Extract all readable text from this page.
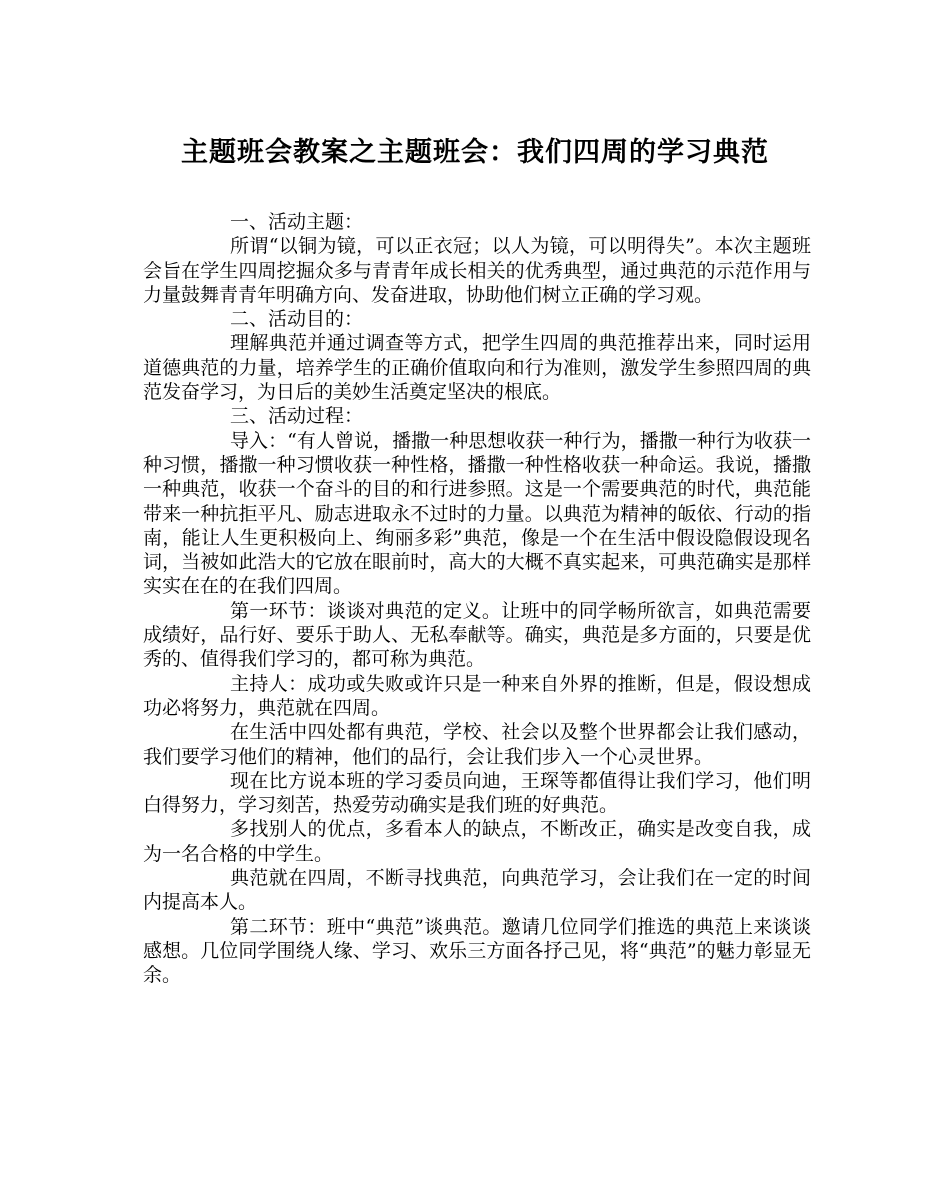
主题班会教案之主题班会：我们四周的学习典范

一、活动主题：

所谓“以铜为镜，可以正衣冠；以人为镜，可以明得失”。本次主题班会旨在学生四周挖掘众多与青青年成长相关的优秀典型，通过典范的示范作用与力量鼓舞青青年明确方向、发奋进取，协助他们树立正确的学习观。

二、活动目的：

理解典范并通过调查等方式，把学生四周的典范推荐出来，同时运用道德典范的力量，培养学生的正确价值取向和行为准则，激发学生参照四周的典范发奋学习，为日后的美妙生活奠定坚决的根底。

三、活动过程：

导入：“有人曾说，播撒一种思想收获一种行为，播撒一种行为收获一种习惯，播撒一种习惯收获一种性格，播撒一种性格收获一种命运。我说，播撒一种典范，收获一个奋斗的目的和行进参照。这是一个需要典范的时代，典范能带来一种抗拒平凡、励志进取永不过时的力量。以典范为精神的皈依、行动的指南，能让人生更积极向上、绚丽多彩”典范，像是一个在生活中假设隐假设现名词，当被如此浩大的它放在眼前时，高大的大概不真实起来，可典范确实是那样实实在在的在我们四周。

第一环节：谈谈对典范的定义。让班中的同学畅所欲言，如典范需要成绩好，品行好、要乐于助人、无私奉献等。确实，典范是多方面的，只要是优秀的、值得我们学习的，都可称为典范。

主持人：成功或失败或许只是一种来自外界的推断，但是，假设想成功必将努力，典范就在四周。

在生活中四处都有典范，学校、社会以及整个世界都会让我们感动，我们要学习他们的精神，他们的品行，会让我们步入一个心灵世界。

现在比方说本班的学习委员向迪，王琛等都值得让我们学习，他们明白得努力，学习刻苦，热爱劳动确实是我们班的好典范。

多找别人的优点，多看本人的缺点，不断改正，确实是改变自我，成为一名合格的中学生。

典范就在四周，不断寻找典范，向典范学习，会让我们在一定的时间内提高本人。

第二环节：班中“典范”谈典范。邀请几位同学们推选的典范上来谈谈感想。几位同学围绕人缘、学习、欢乐三方面各抒己见，将“典范”的魅力彰显无余。
